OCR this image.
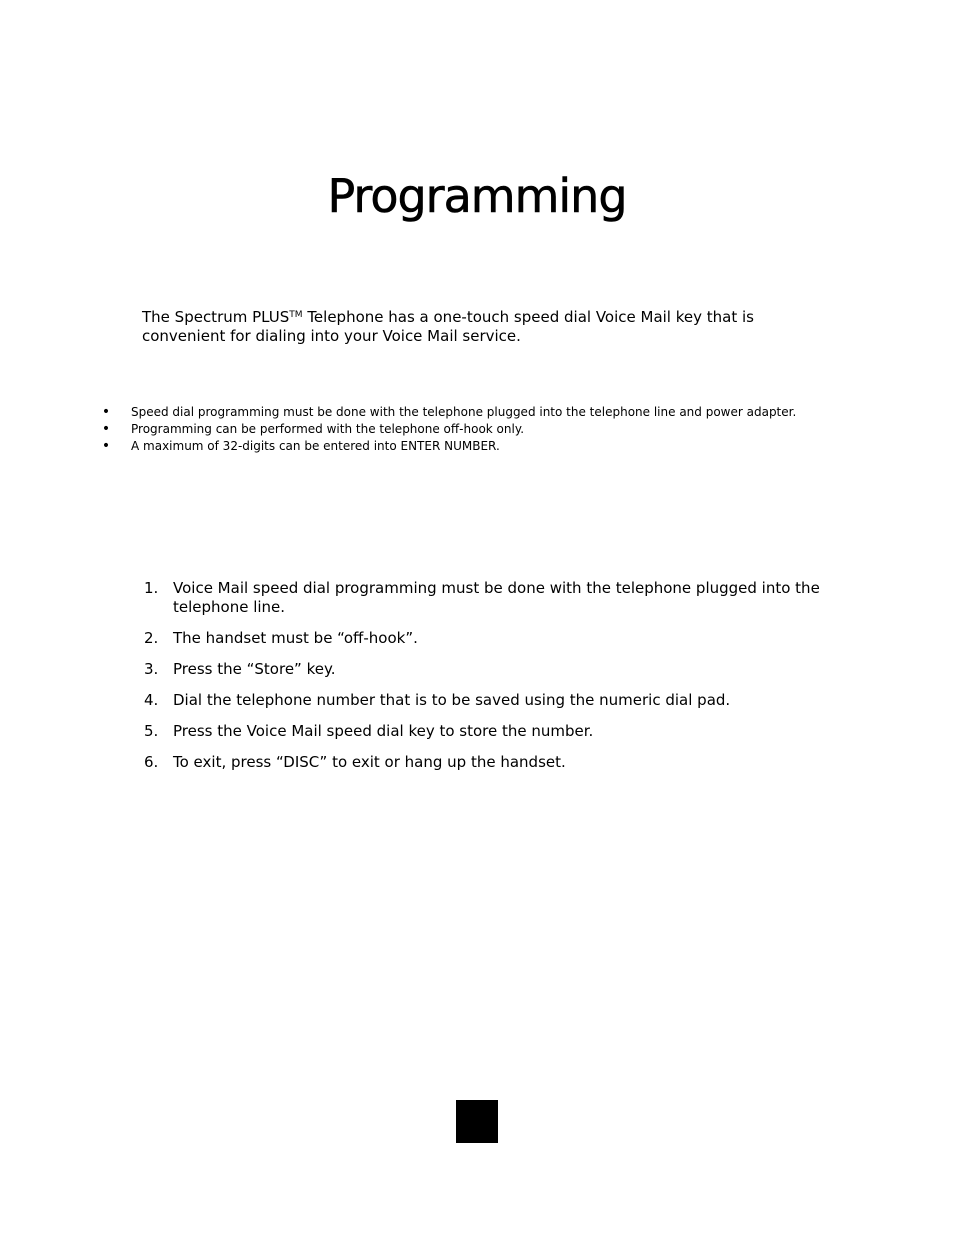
Programming

The Spectrum PLUS™ Telephone has a one-touch speed dial Voice Mail key that is convenient for dialing into your Voice Mail service.

• Speed dial programming must be done with the telephone plugged into the telephone line and power adapter.
• Programming can be performed with the telephone off-hook only.
• A maximum of 32-digits can be entered into ENTER NUMBER.
1. Voice Mail speed dial programming must be done with the telephone plugged into the telephone line.
2. The handset must be “off-hook”.
3. Press the “Store” key.
4. Dial the telephone number that is to be saved using the numeric dial pad.
5. Press the Voice Mail speed dial key to store the number.
6. To exit, press “DISC” to exit or hang up the handset.
